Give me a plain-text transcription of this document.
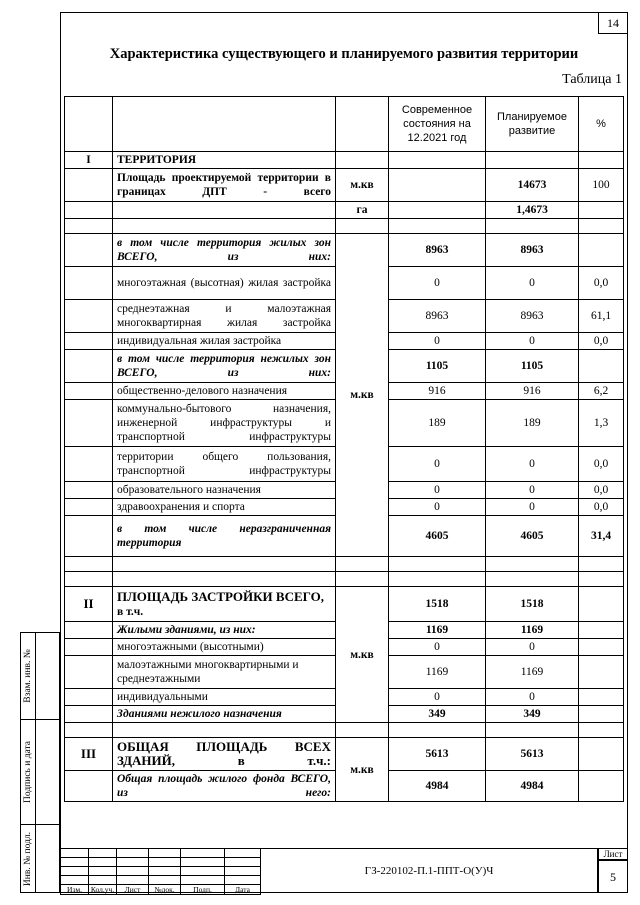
14
Характеристика существующего и планируемого развития территории
Таблица 1
			Современное состояния на 12.2021 год	Планируемое развитие	%
I	ТЕРРИТОРИЯ				
	Площадь проектируемой территории в границах ДПТ - всего	м.кв		14673	100
		га		1,4673	

	в том числе территория жилых зон ВСЕГО, из них:	м.кв	8963	8963	
	многоэтажная (высотная) жилая застройка		0	0	0,0
	среднеэтажная и малоэтажная многоквартирная жилая застройка		8963	8963	61,1
	индивидуальная жилая застройка		0	0	0,0
	в том числе территория нежилых зон ВСЕГО, из них:		1105	1105	
	общественно-делового назначения		916	916	6,2
	коммунально-бытового назначения, инженерной инфраструктуры и транспортной инфраструктуры		189	189	1,3
	территории общего пользования, транспортной инфраструктуры		0	0	0,0
	образовательного назначения		0	0	0,0
	здравоохранения и спорта		0	0	0,0
	в том числе неразграниченная территория		4605	4605	31,4

II	ПЛОЩАДЬ ЗАСТРОЙКИ ВСЕГО,
в т.ч.	м.кв	1518	1518	
	Жилыми зданиями, из них:		1169	1169	
	многоэтажными (высотными)		0	0	
	малоэтажными многоквартирными и среднеэтажными		1169	1169	
	индивидуальными		0	0	
	Зданиями нежилого назначения		349	349	

III	ОБЩАЯ ПЛОЩАДЬ ВСЕХ ЗДАНИЙ, в т.ч.:	м.кв	5613	5613	
	Общая площадь жилого фонда ВСЕГО, из него:		4984	4984	
Взам. инв. №
Подпись и дата
Инв. № подл.

Изм.	Кол.уч.	Лист	№док.	Подп.	Дата
ГЗ-220102-П.1-ППТ-О(У)Ч
Лист
5
